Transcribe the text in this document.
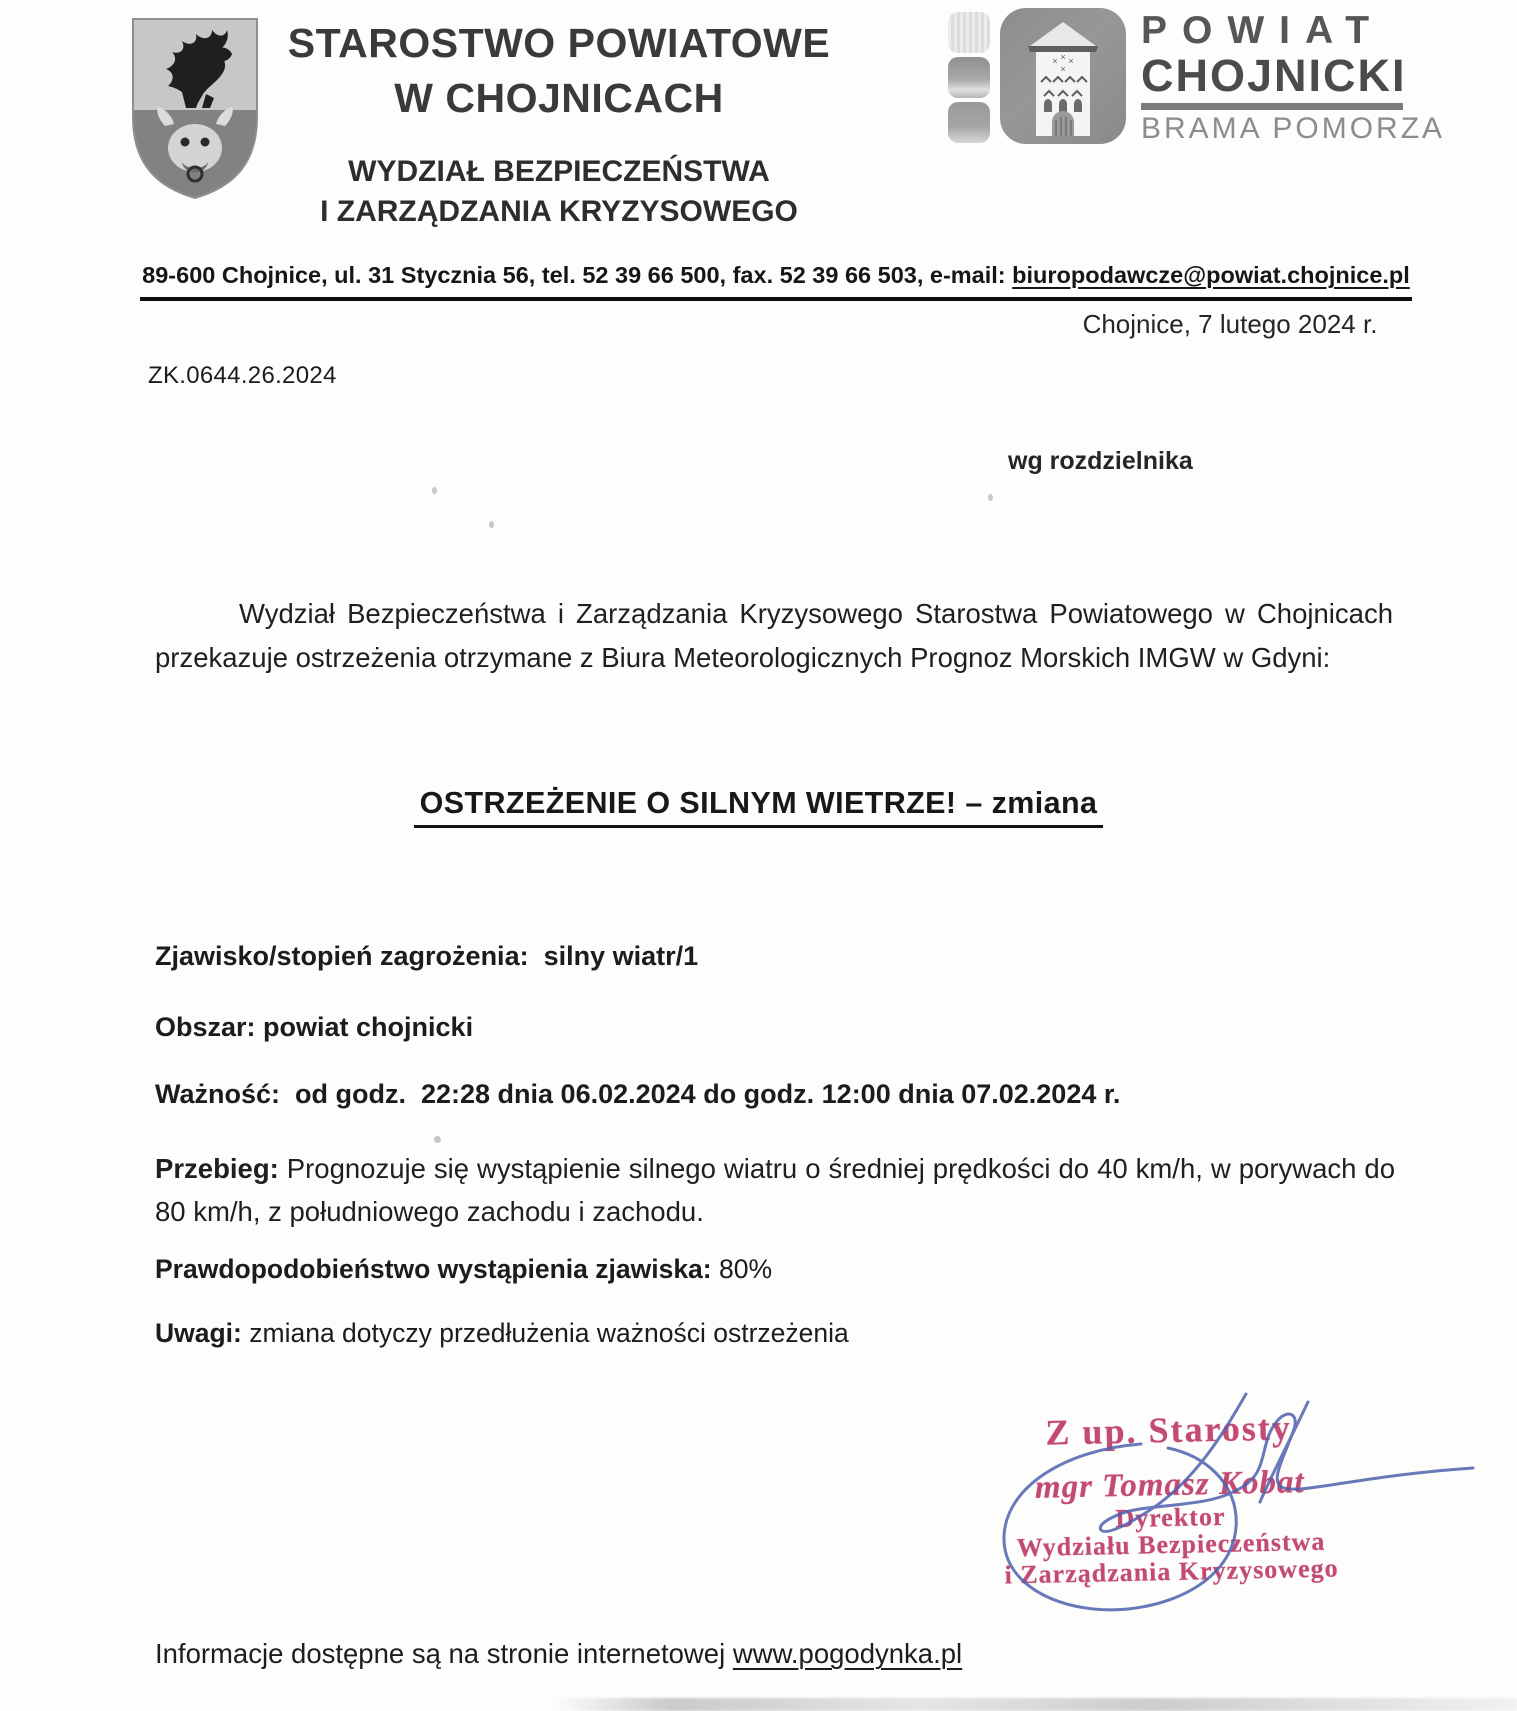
STAROSTWO POWIATOWE
W CHOJNICACH
WYDZIAŁ BEZPIECZEŃSTWA
I ZARZĄDZANIA KRYZYSOWEGO
× × ×
×
POWIAT
CHOJNICKI
BRAMA POMORZA
89-600 Chojnice, ul. 31 Stycznia 56, tel. 52 39 66 500, fax. 52 39 66 503, e-mail: biuropodawcze@powiat.chojnice.pl
Chojnice, 7 lutego 2024 r.
ZK.0644.26.2024
wg rozdzielnika
Wydział Bezpieczeństwa i Zarządzania Kryzysowego Starostwa Powiatowego w Chojnicach przekazuje ostrzeżenia otrzymane z Biura Meteorologicznych Prognoz Morskich IMGW w Gdyni:
OSTRZEŻENIE O SILNYM WIETRZE! – zmiana
Zjawisko/stopień zagrożenia: silny wiatr/1
Obszar: powiat chojnicki
Ważność: od godz.  22:28 dnia 06.02.2024 do godz. 12:00 dnia 07.02.2024 r.
Przebieg: Prognozuje się wystąpienie silnego wiatru o średniej prędkości do 40 km/h, w porywach do 80 km/h, z południowego zachodu i zachodu.
Prawdopodobieństwo wystąpienia zjawiska: 80%
Uwagi: zmiana dotyczy przedłużenia ważności ostrzeżenia
Z up. Starosty
mgr Tomasz Kobat
Dyrektor
Wydziału Bezpieczeństwa
i Zarządzania Kryzysowego
Informacje dostępne są na stronie internetowej www.pogodynka.pl
